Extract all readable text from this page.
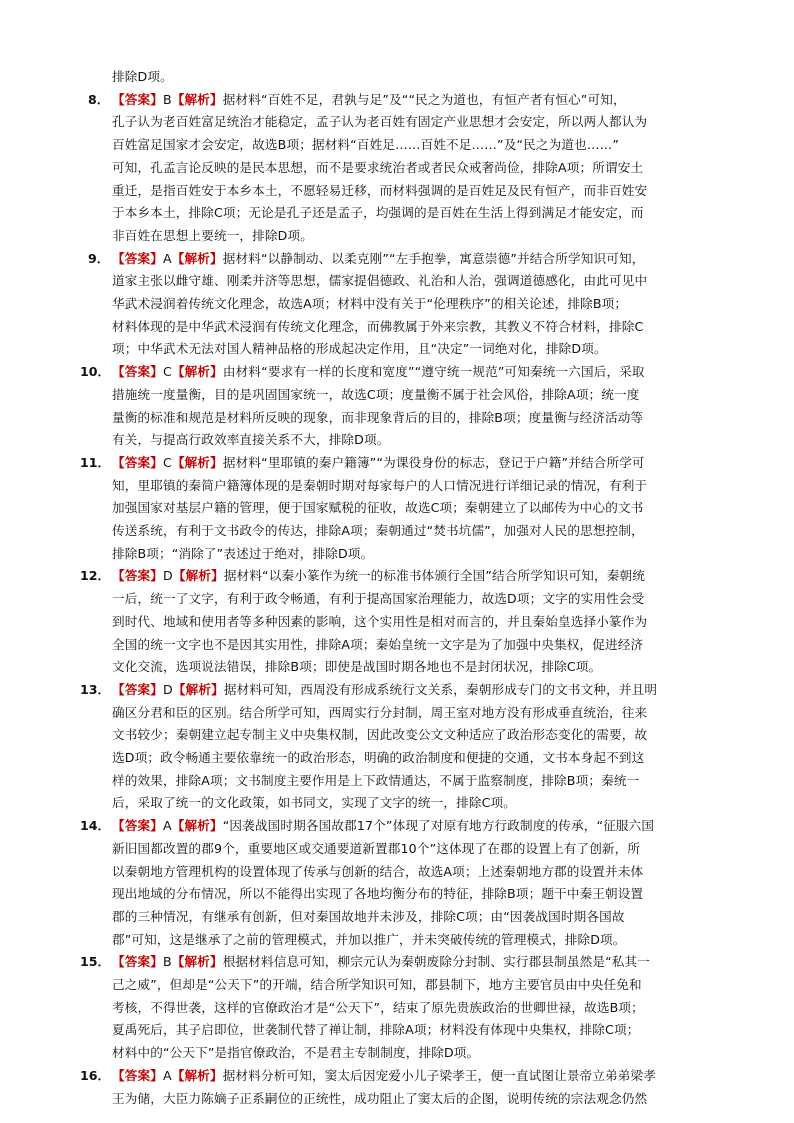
排除D项。
8． 【答案】B【解析】据材料“百姓不足，君孰与足”及““民之为道也，有恒产者有恒心”可知，
孔子认为老百姓富足统治才能稳定，孟子认为老百姓有固定产业思想才会安定，所以两人都认为
百姓富足国家才会安定，故选B项；据材料“百姓足……百姓不足……”及“民之为道也……”
可知，孔孟言论反映的是民本思想，而不是要求统治者或者民众戒奢尚俭，排除A项；所谓安土
重迁，是指百姓安于本乡本土，不愿轻易迁移，而材料强调的是百姓足及民有恒产，而非百姓安
于本乡本土，排除C项；无论是孔子还是孟子，均强调的是百姓在生活上得到满足才能安定，而
非百姓在思想上要统一，排除D项。
9． 【答案】A【解析】据材料“以静制动、以柔克刚”“左手抱拳，寓意崇德”并结合所学知识可知，
道家主张以雌守雄、刚柔并济等思想，儒家提倡德政、礼治和人治，强调道德感化，由此可见中
华武术浸润着传统文化理念，故选A项；材料中没有关于“伦理秩序”的相关论述，排除B项；
材料体现的是中华武术浸润有传统文化理念，而佛教属于外来宗教，其教义不符合材料，排除C
项；中华武术无法对国人精神品格的形成起决定作用，且“决定”一词绝对化，排除D项。
10． 【答案】C【解析】由材料“要求有一样的长度和宽度”“遵守统一规范”可知秦统一六国后，采取
措施统一度量衡，目的是巩固国家统一，故选C项；度量衡不属于社会风俗，排除A项；统一度
量衡的标准和规范是材料所反映的现象，而非现象背后的目的，排除B项；度量衡与经济活动等
有关，与提高行政效率直接关系不大，排除D项。
11． 【答案】C【解析】据材料“里耶镇的秦户籍簿”“为课役身份的标志，登记于户籍”并结合所学可
知，里耶镇的秦简户籍簿体现的是秦朝时期对每家每户的人口情况进行详细记录的情况，有利于
加强国家对基层户籍的管理，便于国家赋税的征收，故选C项；秦朝建立了以邮传为中心的文书
传送系统，有利于文书政令的传达，排除A项；秦朝通过“焚书坑儒”，加强对人民的思想控制，
排除B项；“消除了”表述过于绝对，排除D项。
12． 【答案】D【解析】据材料“以秦小篆作为统一的标准书体颁行全国”结合所学知识可知，秦朝统
一后，统一了文字，有利于政令畅通，有利于提高国家治理能力，故选D项；文字的实用性会受
到时代、地域和使用者等多种因素的影响，这个实用性是相对而言的，并且秦始皇选择小篆作为
全国的统一文字也不是因其实用性，排除A项；秦始皇统一文字是为了加强中央集权，促进经济
文化交流，选项说法错误，排除B项；即使是战国时期各地也不是封闭状况，排除C项。
13． 【答案】D【解析】据材料可知，西周没有形成系统行文关系，秦朝形成专门的文书文种，并且明
确区分君和臣的区别。结合所学可知，西周实行分封制，周王室对地方没有形成垂直统治，往来
文书较少；秦朝建立起专制主义中央集权制，因此改变公文文种适应了政治形态变化的需要，故
选D项；政令畅通主要依靠统一的政治形态，明确的政治制度和便捷的交通，文书本身起不到这
样的效果，排除A项；文书制度主要作用是上下政情通达，不属于监察制度，排除B项；秦统一
后，采取了统一的文化政策，如书同文，实现了文字的统一，排除C项。
14． 【答案】A【解析】“因袭战国时期各国故郡17个”体现了对原有地方行政制度的传承，“征服六国
新旧国都改置的郡9个，重要地区或交通要道新置郡10个”这体现了在郡的设置上有了创新，所
以秦朝地方管理机构的设置体现了传承与创新的结合，故选A项；上述秦朝地方郡的设置并未体
现出地域的分布情况，所以不能得出实现了各地均衡分布的特征，排除B项；题干中秦王朝设置
郡的三种情况，有继承有创新，但对秦国故地并未涉及，排除C项；由“因袭战国时期各国故
郡”可知，这是继承了之前的管理模式，并加以推广，并未突破传统的管理模式，排除D项。
15． 【答案】B【解析】根据材料信息可知，柳宗元认为秦朝废除分封制、实行郡县制虽然是“私其一
己之威”，但却是“公天下”的开端，结合所学知识可知，郡县制下，地方主要官员由中央任免和
考核，不得世袭，这样的官僚政治才是“公天下”，结束了原先贵族政治的世卿世禄，故选B项；
夏禹死后，其子启即位，世袭制代替了禅让制，排除A项；材料没有体现中央集权，排除C项；
材料中的“公天下”是指官僚政治，不是君主专制制度，排除D项。
16． 【答案】A【解析】据材料分析可知，窦太后因宠爱小儿子梁孝王，便一直试图让景帝立弟弟梁孝
王为储，大臣力陈嫡子正系嗣位的正统性，成功阻止了窦太后的企图，说明传统的宗法观念仍然
